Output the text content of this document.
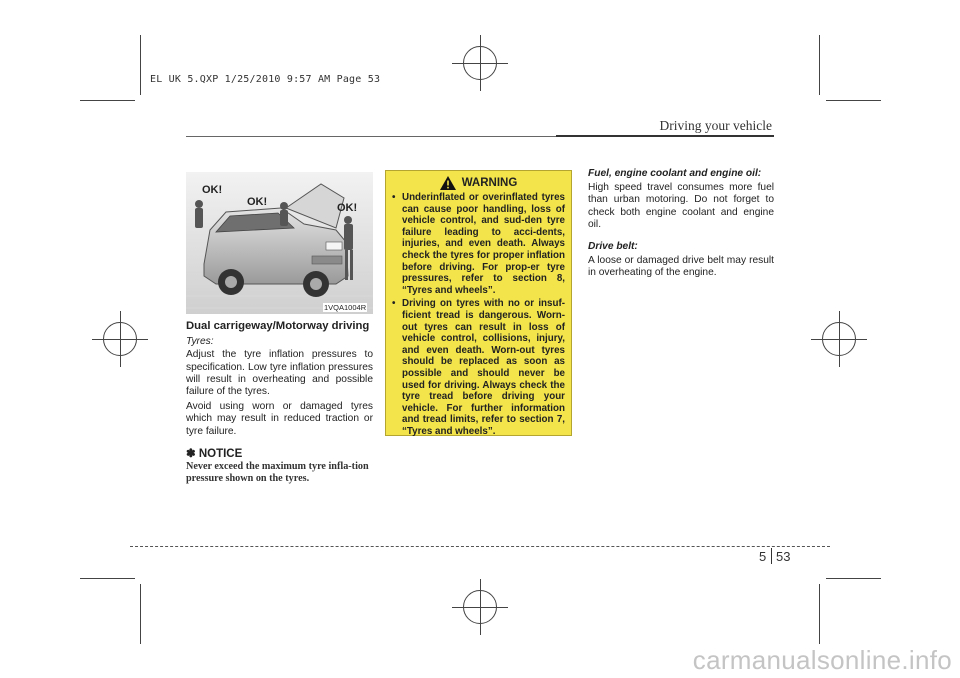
EL UK 5.QXP 1/25/2010 9:57 AM Page 53
Driving your vehicle
OK!
OK!	OK!
1VQA1004R
Dual carrigeway/Motorway driving
Tyres:

Adjust the tyre inflation pressures to specification. Low tyre inflation pressures will result in overheating and possible failure of the tyres.

Avoid using worn or damaged tyres which may result in reduced traction or tyre failure.

✽ NOTICE
Never exceed the maximum tyre infla-tion pressure shown on the tyres.
WARNING
• Underinflated or overinflated tyres can cause poor handling, loss of vehicle control, and sud-den tyre failure leading to acci-dents, injuries, and even death. Always check the tyres for proper inflation before driving. For prop-er tyre pressures, refer to section 8, “Tyres and wheels”.
• Driving on tyres with no or insuf-ficient tread is dangerous. Worn-out tyres can result in loss of vehicle control, collisions, injury, and even death. Worn-out tyres should be replaced as soon as possible and should never be used for driving. Always check the tyre tread before driving your vehicle. For further information and tread limits, refer to section 7, “Tyres and wheels”.
Fuel, engine coolant and engine oil:

High speed travel consumes more fuel than urban motoring. Do not forget to check both engine coolant and engine oil.

Drive belt:

A loose or damaged drive belt may result in overheating of the engine.

5 53
carmanualsonline.info
